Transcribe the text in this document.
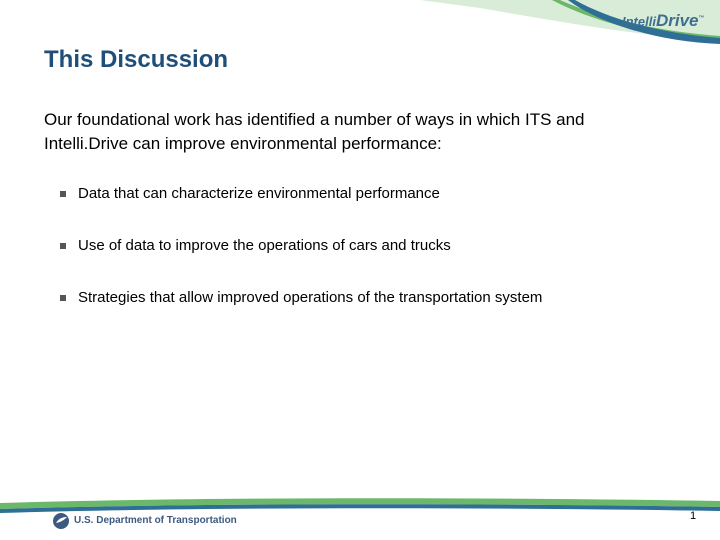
IntelliDrive™
This Discussion
Our foundational work has identified a number of ways in which ITS and Intelli.Drive can improve environmental performance:
Data that can characterize environmental performance
Use of data to improve the operations of cars and trucks
Strategies that allow improved operations of the transportation system
U.S. Department of Transportation	1
